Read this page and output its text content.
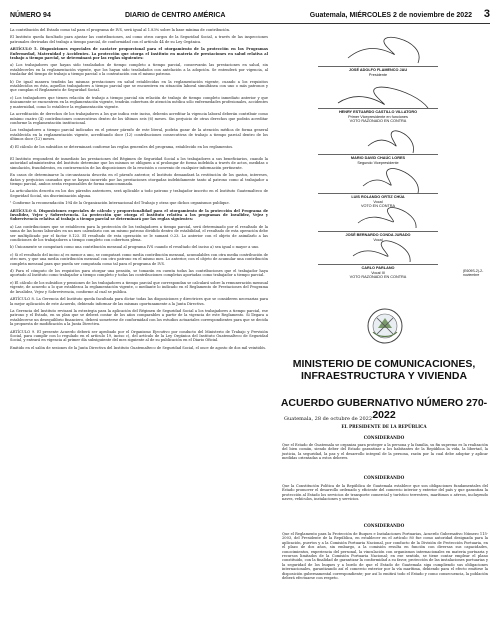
NÚMERO 94	DIARIO de CENTRO AMÉRICA	Guatemala, MIÉRCOLES 2 de noviembre de 2022 3

La contribución del Estado como tal para el programa de IVS, será igual al 1.83% sobre la base mínima de contribución.

El Instituto queda facultado para ajustar las contribuciones, así como otros cargos de la Seguridad Social, a través de las inspecciones patronales derivadas del trabajo a tiempo parcial, de conformidad con el artículo 44 de su Ley Orgánica.

ARTÍCULO 5. Disposiciones especiales de carácter proporcional para el otorgamiento de la protección en los Programas Enfermedad, Maternidad y Accidentes. La protección que otorga el Instituto en materia de prestaciones en salud relativa al trabajo a tiempo parcial, se determinará por las reglas siguientes:

a) Los trabajadores que hayan sido trasladados de tiempo completo a tiempo parcial, conservarán las prestaciones en salud, sin establecerles en la reglamentación vigente, que los hayan sido trasladados con antelación a la adopción. Se entenderá por vigencia, al trasladar del tiempo de trabajo a tiempo parcial o la contratación con el mismo patrono.

b) De igual manera tendrán las mismas prestaciones en salud establecidas en la reglamentación vigente, cuando a los requisitos establecidos en ésta, aquellos trabajadores a tiempo parcial que se encuentren en situación laboral simultánea con uno o más patronos y que cumplan el Reglamento de Seguridad Social.

c) Los trabajadores que tienen relación de trabajo a tiempo parcial sin relación de trabajo de tiempo completo inmediato anterior y que únicamente se encuentren en la reglamentación vigente, tendrán cobertura de atención médica sólo enfermedades profesionales, accidentes y maternidad, como lo establece la reglamentación vigente.

La acreditación de derechos de los trabajadores a los que indica este inciso, deberán acreditar la vigencia laboral deberán contribuir como mínimo cuatro (4) contribuciones consecutivas dentro de los últimos seis (6) meses. Sin perjuicio de otras derechos que podrán acreditar conforme la reglamentación institucional.

Los trabajadores a tiempo parcial indicados en el primer párrafo de este literal, podrán gozar de la atención médica de forma general establecida en la reglamentación vigente, acreditando doce (12) contribuciones consecutivas de trabajo a tiempo parcial dentro de los últimos doce (12) meses.

d) El cálculo de los subsidios se determinará conforme las reglas generales del programa, establecido en los reglamentos.

El Instituto responderá de inmediato las prestaciones del Régimen de Seguridad Social a los trabajadores a sus beneficiarios, cuando la autoridad administrativa del Instituto determine que los mismos se obliguen a sí prolongar de forma indebida a través de actos, medidas o simulación, fraudulentos, en contravención de las disposiciones de la rescisión o convenio de cualquier información pertinente.

En casos de determinarse la circunstancia descrita en el párrafo anterior, el Instituto demandará la restitución de los gastos, intereses, daños y perjuicios causados que se hayan incurrido por las prestaciones otorgadas indebidamente tanto al patrono como al trabajador a tiempo parcial, ambos serán responsables de forma mancomunada.

La articulación descrita en los dos párrafos anteriores, será aplicable a todo patrono y trabajador inscrito en el Instituto Guatemalteco de Seguridad Social, sin discriminación alguna.

¹ Conforme la recomendación 194 de la Organización Internacional del Trabajo y otras que dichos organismos publique.

ARTÍCULO 6. Disposiciones especiales de cálculo y proporcionalidad para el otorgamiento de la protección del Programa de Invalidez, Vejez y Sobrevivencia. La protección que otorga el Instituto relativa a los programas de Invalidez, Vejez y Sobrevivencia relativa al trabajo a tiempo parcial se determinará por las reglas siguientes:

a) Las contribuciones que se establecen para la protección de los trabajadores a tiempo parcial, será determinado por el resultado de la suma de las horas laborales en un mes calendario con un mismo patrono dividido dentro de estabilidad, el resultado de esta operación debe ser multiplicado por el factor 0.123. El resultado de esta operación se le sumará 0.23. Lo anterior con el objeto de asimilarlo a las condiciones de los trabajadores a tiempo completo con cobertura plena.

b) Únicamente se computará como una contribución mensual al programa IVS cuando el resultado del inciso a) sea igual o mayor a uno.

c) Si el resultado del inciso a) es menor a uno, se computará como media contribución mensual, acumulables con otra media contribución de otro mes, y que una media contribución mensual con otro patrono en el mismo mes. Lo anterior, con el objeto de acumular una contribución completa mensual para que pueda ser computada como tal para el programa de IVS.

d) Para el cómputo de los requisitos para otorgar una pensión, se tomarán en cuenta todas las contribuciones que el trabajador haya aportado al Instituto como trabajador a tiempo completo y todas las contribuciones completas aportadas como trabajador a tiempo parcial.

e) El cálculo de los subsidios y pensiones de los trabajadores a tiempo parcial que correspondan se calculará sobre la remuneración mensual vigente, de acuerdo a lo que establezca la reglamentación vigente, o mediante lo indicado en el Reglamento de Prestaciones del Programa de Invalidez, Vejez y Sobrevivencia, conforme al cual se publica.

ARTÍCULO 8. La Gerencia del Instituto queda facultada para dictar todas las disposiciones y directrices que se consideren necesarias para la mejor aplicación de este Acuerdo, debiendo informar de las mismas oportunamente a la Junta Directiva.

La Gerencia del Instituto revisará la estrategia para la aplicación del Régimen de Seguridad Social a los trabajadores a tiempo parcial, ese patrono y el Estado, en su plan que se deberá contar de los años comparables a partir de la vigencia de este Reglamento. Si llegara a establecerse un desequilibrio financiero, deberá someterse de conformidad con los estudios actuariales correspondientes para que se decida la propuesta de modificación a la Junta Directiva.

ARTÍCULO 9. El presente Acuerdo deberá ser aprobado por el Organismo Ejecutivo por conducto del Ministerio de Trabajo y Previsión Social, para cumplir con lo regulado en el artículo 19, inciso c), del artículo de la Ley Orgánica del Instituto Guatemalteco de Seguridad Social, y entrará en vigencia al primer día subsiguiente del mes siguiente al de su publicación en el Diario Oficial.

Emitido en el salón de sesiones de la Junta Directiva del Instituto Guatemalteco de Seguridad Social, el once de agosto de dos mil veintidós.

JOSÉ ADOLFO FLAMENCO JAU
Presidente
HENRY ESTUARDO CASTILLO VILLATORO
Primer Vicepresidente en funciones
VOTO RAZONADO EN CONTRA
MARIO DAVID CHAÚC LORES
Segundo Vicepresidente
LUIS ROLANDO ORTIZ CHÚA
Vocal
VOTO EN CONTRA
JOSÉ BERNARDO CONDA JURADO
Vocal
CARLO PARLANO
Vocal III
VOTO RAZONADO EN CONTRA
(E609S-2)-2-noviembre
MINISTERIO DE COMUNICACIONES,
INFRAESTRUCTURA Y VIVIENDA
ACUERDO GUBERNATIVO NÚMERO 270-2022
Guatemala, 28 de octubre de 2022
EL PRESIDENTE DE LA REPÚBLICA
CONSIDERANDO
Que el Estado de Guatemala se organiza para proteger a la persona y la familia, su fin supremo es la realización del bien común, siendo deber del Estado garantizar a los habitantes de la República la vida, la libertad, la justicia, la seguridad, la paz y el desarrollo integral de la persona, razón por la cual debe adoptar y aplicar medidas orientadas a estos deberes.
CONSIDERANDO
Que la Constitución Política de la República de Guatemala establece que son obligaciones fundamentales del Estado promover el desarrollo ordenado y eficiente del comercio interior y exterior del país y que garantiza la protección al Estado los servicios de transporte comercial y turístico terrestres, marítimos o aéreos, incluyendo naves, vehículos, instalaciones y servicios.
CONSIDERANDO
Que el Reglamento para la Protección de Buques e Instalaciones Portuarias, Acuerdo Gubernativo Número 115-2003, del Presidente de la República, en establecer en el artículo 80 fue como autoridad designada para la aplicación, puertos y a la Comisión Portuaria Nacional, por conducto de la División de Protección Portuaria, en el plazo de dos años, sin embargo, a la comisión resulta en función con diversas sus capacidades, conocimientos, experiencia del personal, la vinculación con organismos internacionales en materia portuaria y recursos limitados de la Comisión Portuaria Nacional; en ese sentido, se tiene contar emplear el plano constituido, con la finalidad de garantizar la conformidad a su favor, protección de las instalaciones portuarias y la seguridad de los buques y a bordo de que el Estado de Guatemala siga cumpliendo sus obligaciones internacionales, garantizando así el comercio exterior por la vía marítima, debiendo para el efecto emitirse la disposición gubernamental correspondiente; por así lo emitirá todo el Estado y como consecuencia, la población deberá efectuarse con respeto.
